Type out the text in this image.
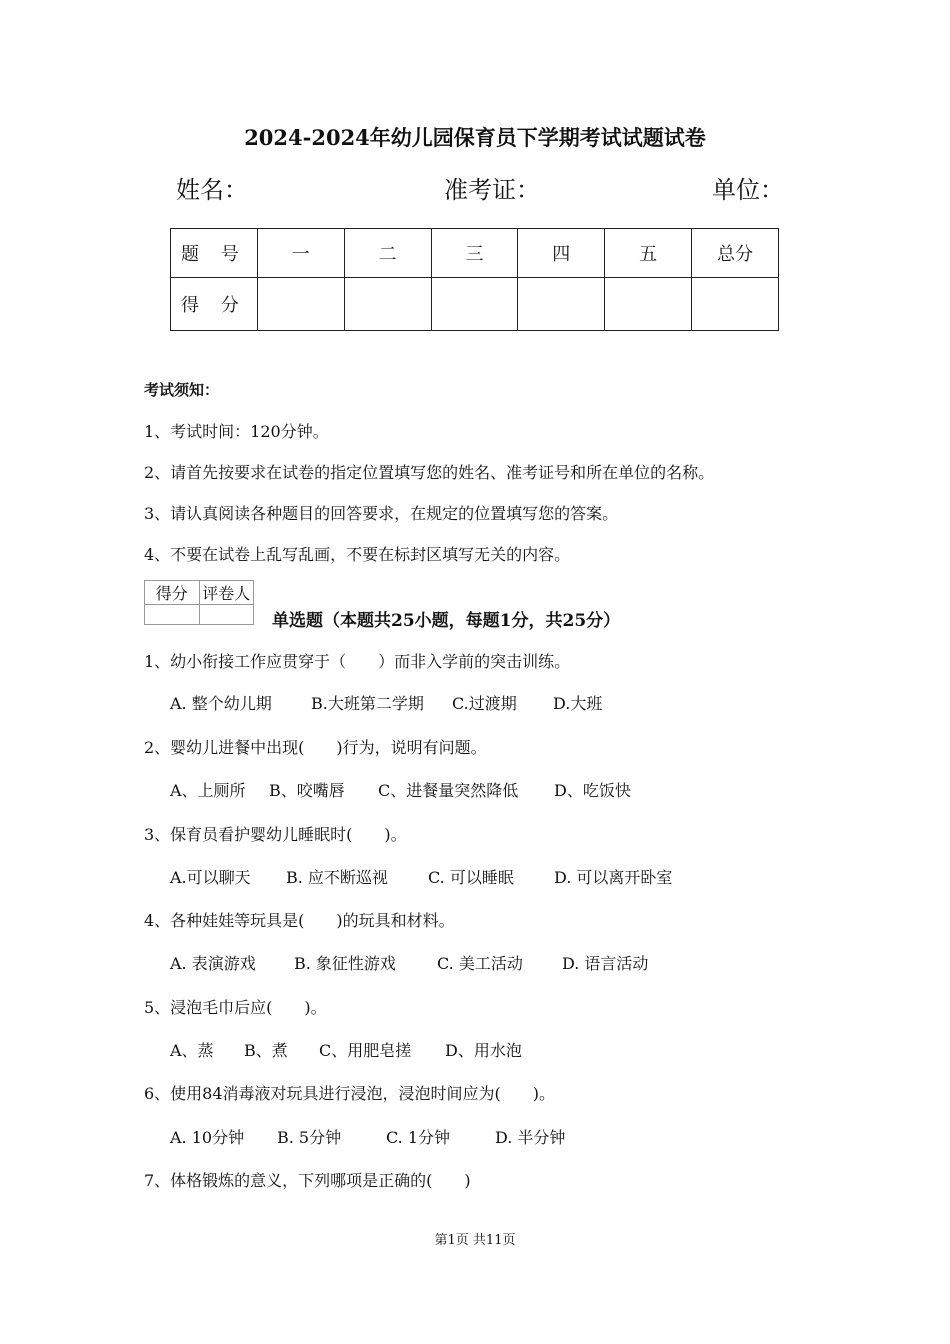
2024-2024年幼儿园保育员下学期考试试题试卷
姓名：	准考证：	单位：
题 号	一	二	三	四	五	总分
得 分						
考试须知：
1、考试时间：120分钟。
2、请首先按要求在试卷的指定位置填写您的姓名、准考证号和所在单位的名称。
3、请认真阅读各种题目的回答要求，在规定的位置填写您的答案。
4、不要在试卷上乱写乱画，不要在标封区填写无关的内容。
得分	评卷人

单选题（本题共25小题，每题1分，共25分）
1、幼小衔接工作应贯穿于（　　）而非入学前的突击训练。
A. 整个幼儿期 B.大班第二学期 C.过渡期 D.大班
2、婴幼儿进餐中出现(　　)行为，说明有问题。
A、上厕所 B、咬嘴唇 C、进餐量突然降低 D、吃饭快
3、保育员看护婴幼儿睡眠时(　　)。
A.可以聊天 B. 应不断巡视	C. 可以睡眠	D. 可以离开卧室
4、各种娃娃等玩具是(　　)的玩具和材料。
A. 表演游戏 B. 象征性游戏	C. 美工活动 D. 语言活动
5、浸泡毛巾后应(　　)。
A、蒸 B、煮 C、用肥皂搓 D、用水泡
6、使用84消毒液对玩具进行浸泡，浸泡时间应为(　　)。
A. 10分钟 B. 5分钟	C. 1分钟	D. 半分钟
7、体格锻炼的意义，下列哪项是正确的(　　)
第1页 共11页
